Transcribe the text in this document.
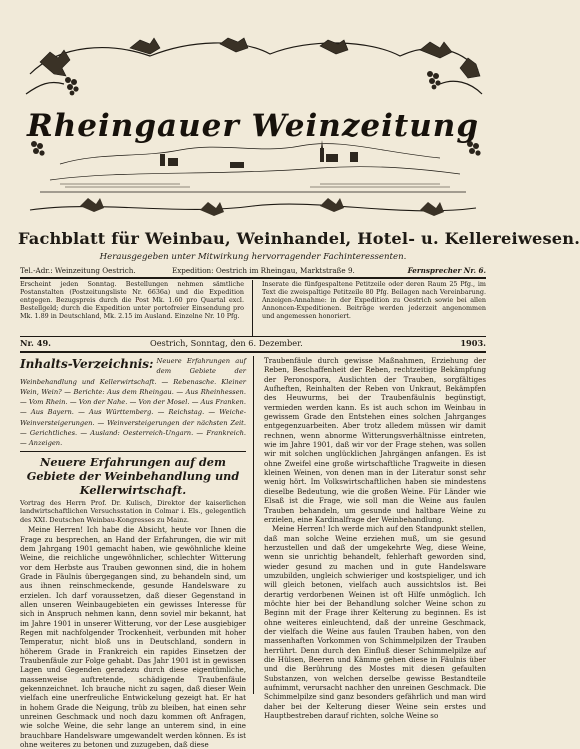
Rheingauer Weinzeitung
Fachblatt für Weinbau, Weinhandel, Hotel- u. Kellereiwesen.
Herausgegeben unter Mitwirkung hervorragender Fachinteressenten.
Tel.-Adr.: Weinzeitung Oestrich.	Expedition: Oestrich im Rheingau, Marktstraße 9.	Fernsprecher Nr. 6.
Erscheint jeden Sonntag. Bestellungen nehmen sämtliche Postanstalten (Postzeitungsliste Nr. 6636a) und die Expedition entgegen. Bezugspreis durch die Post Mk. 1.60 pro Quartal excl. Bestellgeld; durch die Expedition unter portofreier Einsendung pro Mk. 1.89 in Deutschland, Mk. 2.15 im Ausland. Einzelne Nr. 10 Pfg.
Inserate die fünfgespaltene Petitzeile oder deren Raum 25 Pfg., im Text die zweispaltige Petitzeile 80 Pfg. Beilagen nach Vereinbarung. Anzeigen-Annahme: in der Expedition zu Oestrich sowie bei allen Annoncen-Expeditionen. Beiträge werden jederzeit angenommen und angemessen honoriert.
Nr. 49.	Oestrich, Sonntag, den 6. Dezember.	1903.
Inhalts-Verzeichnis: Neuere Erfahrungen auf dem Gebiete der Weinbehandlung und Kellerwirtschaft. — Rebenasche. Kleiner Wein, Wein? — Berichte: Aus dem Rheingau. — Aus Rheinhessen. — Vom Rhein. — Von der Nahe. — Von der Mosel. — Aus Franken. — Aus Bayern. — Aus Württemberg. — Reichstag. — Weiche-Weinversteigerungen. — Weinversteigerungen der nächsten Zeit. — Gerichtliches. — Ausland: Oesterreich-Ungarn. — Frankreich. — Anzeigen.
Neuere Erfahrungen auf dem Gebiete der Weinbehandlung und Kellerwirtschaft.
Vortrag des Herrn Prof. Dr. Kulisch, Direktor der kaiserlichen landwirtschaftlichen Versuchsstation in Colmar i. Els., gelegentlich des XXI. Deutschen Weinbau-Kongresses zu Mainz.

Meine Herren! Ich habe die Absicht, heute vor Ihnen die Frage zu besprechen, an Hand der Erfahrungen, die wir mit dem Jahrgang 1901 gemacht haben, wie gewöhnliche kleine Weine, die reichliche ungewöhnlicher, schlechter Witterung vor dem Herbste aus Trauben gewonnen sind, die in hohem Grade in Fäulnis übergegangen sind, zu behandeln sind, um aus ihnen reinschmeckende, gesunde Handelsware zu erzielen. Ich darf voraussetzen, daß dieser Gegenstand in allen unseren Weinbaugebieten ein gewisses Interesse für sich in Anspruch nehmen kann, denn soviel mir bekannt, hat im Jahre 1901 in unserer Witterung, vor der Lese ausgiebiger Regen mit nachfolgender Trockenheit, verbunden mit hoher Temperatur, nicht bloß uns in Deutschland, sondern in höherem Grade in Frankreich ein rapides Einsetzen der Traubenfäule zur Folge gehabt. Das Jahr 1901 ist in gewissen Lagen und Gegenden geradezu durch diese eigentümliche, massenweise auftretende, schädigende Traubenfäule gekennzeichnet. Ich brauche nicht zu sagen, daß dieser Wein vielfach eine unerfreuliche Entwickelung gezeigt hat. Er hat in hohem Grade die Neigung, trüb zu bleiben, hat einen sehr unreinen Geschmack und noch dazu kommen oft Anfragen, wie solche Weine, die sehr lange an unterem sind, in eine brauchbare Handelsware umgewandelt werden können. Es ist ohne weiteres zu betonen und zuzugeben, daß diese

Traubenfäule durch gewisse Maßnahmen, Erziehung der Reben, Beschaffenheit der Reben, rechtzeitige Bekämpfung der Peronospora, Auslichten der Trauben, sorgfältiges Aufheften, Reinhalten der Reben von Unkraut, Bekämpfen des Heuwurms, bei der Traubenfäulnis begünstigt, vermieden werden kann. Es ist auch schon im Weinbau in gewissem Grade den Entstehen eines solchen Jahrganges entgegenzuarbeiten. Aber trotz alledem müssen wir damit rechnen, wenn abnorme Witterungsverhältnisse eintreten, wie im Jahre 1901, daß wir vor der Frage stehen, was sollen wir mit solchen unglücklichen Jahrgängen anfangen. Es ist ohne Zweifel eine große wirtschaftliche Tragweite in diesen kleinen Weinen, von denen man in der Literatur sonst sehr wenig hört. Im Volkswirtschaftlichen haben sie mindestens dieselbe Bedeutung, wie die großen Weine. Für Länder wie Elsaß ist die Frage, wie soll man die Weine aus faulen Trauben behandeln, um gesunde und haltbare Weine zu erzielen, eine Kardinalfrage der Weinbehandlung.

Meine Herren! Ich werde mich auf den Standpunkt stellen, daß man solche Weine erziehen muß, um sie gesund herzustellen und daß der umgekehrte Weg, diese Weine, wenn sie unrichtig behandelt, fehlerhaft geworden sind, wieder gesund zu machen und in gute Handelsware umzubilden, ungleich schwieriger und kostspieliger, und ich will gleich betonen, vielfach auch aussichtslos ist. Bei derartig verdorbenen Weinen ist oft Hilfe unmöglich. Ich möchte hier bei der Behandlung solcher Weine schon zu Beginn mit der Frage ihrer Kelterung zu beginnen. Es ist ohne weiteres einleuchtend, daß der unreine Geschmack, der vielfach die Weine aus faulen Trauben haben, von den massenhaften Vorkommen von Schimmelpilzen der Trauben herrührt. Denn durch den Einfluß dieser Schimmelpilze auf die Hülsen, Beeren und Kämme gehen diese in Fäulnis über und die Berührung des Mostes mit diesen gefaulten Substanzen, von welchen derselbe gewisse Bestandteile aufnimmt, verursacht nachher den unreinen Geschmack. Die Schimmelpilze sind ganz besonders gefährlich und man wird daher bei der Kelterung dieser Weine sein erstes und Hauptbestreben darauf richten, solche Weine so
